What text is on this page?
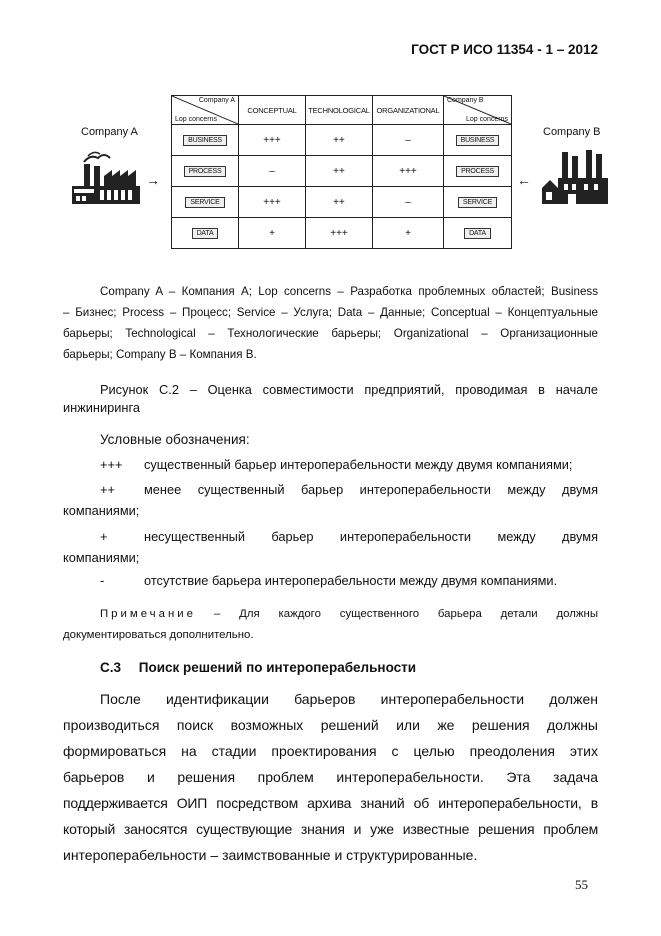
ГОСТ Р ИСО 11354 - 1 – 2012
Company A	Company B
→	←
Company A
Lop concerns	CONCEPTUAL	TECHNOLOGICAL	ORGANIZATIONAL	Company B
Lop concerns

BUSINESS	+++	++	–	BUSINESS
PROCESS	–	++	+++	PROCESS
SERVICE	+++	++	–	SERVICE
DATA	+	+++	+	DATA
Company A – Компания А; Lop concerns – Разработка проблемных областей; Business
– Бизнес; Process – Процесс; Service – Услуга; Data – Данные; Conceptual – Концептуальные
барьеры; Technological – Технологические барьеры; Organizational – Организационные
барьеры; Company В – Компания В.
Рисунок С.2 – Оценка совместимости предприятий, проводимая в начале
инжиниринга
Условные обозначения:
+++ существенный барьер интероперабельности между двумя компаниями;
++ менее существенный барьер интероперабельности между двумя
компаниями;
+	несущественный барьер интероперабельности между двумя
компаниями;
-	отсутствие барьера интероперабельности между двумя компаниями.
Примечание – Для каждого существенного барьера детали должны
документироваться дополнительно.
С.3 Поиск решений по интероперабельности
После идентификации барьеров интероперабельности должен
производиться поиск возможных решений или же решения должны
формироваться на стадии проектирования с целью преодоления этих
барьеров и решения проблем интероперабельности. Эта задача
поддерживается ОИП посредством архива знаний об интероперабельности, в
который заносятся существующие знания и уже известные решения проблем
интероперабельности – заимствованные и структурированные.
55
